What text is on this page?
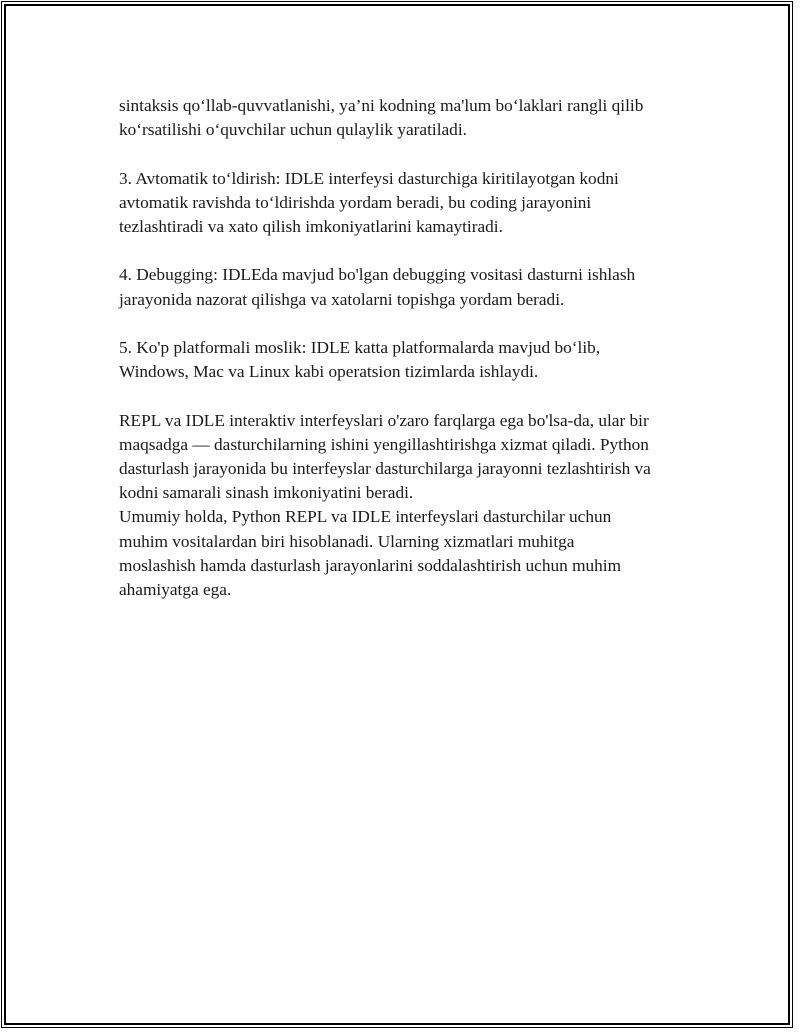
sintaksis qo‘llab-quvvatlanishi, ya’ni kodning ma'lum bo‘laklari rangli qilib
ko‘rsatilishi o‘quvchilar uchun qulaylik yaratiladi.

3. Avtomatik to‘ldirish: IDLE interfeysi dasturchiga kiritilayotgan kodni
avtomatik ravishda to‘ldirishda yordam beradi, bu coding jarayonini
tezlashtiradi va xato qilish imkoniyatlarini kamaytiradi.

4. Debugging: IDLEda mavjud bo'lgan debugging vositasi dasturni ishlash
jarayonida nazorat qilishga va xatolarni topishga yordam beradi.

5. Ko'p platformali moslik: IDLE katta platformalarda mavjud bo‘lib,
Windows, Mac va Linux kabi operatsion tizimlarda ishlaydi.

REPL va IDLE interaktiv interfeyslari o'zaro farqlarga ega bo'lsa-da, ular bir
maqsadga — dasturchilarning ishini yengillashtirishga xizmat qiladi. Python
dasturlash jarayonida bu interfeyslar dasturchilarga jarayonni tezlashtirish va
kodni samarali sinash imkoniyatini beradi.
Umumiy holda, Python REPL va IDLE interfeyslari dasturchilar uchun
muhim vositalardan biri hisoblanadi. Ularning xizmatlari muhitga
moslashish hamda dasturlash jarayonlarini soddalashtirish uchun muhim
ahamiyatga ega.
